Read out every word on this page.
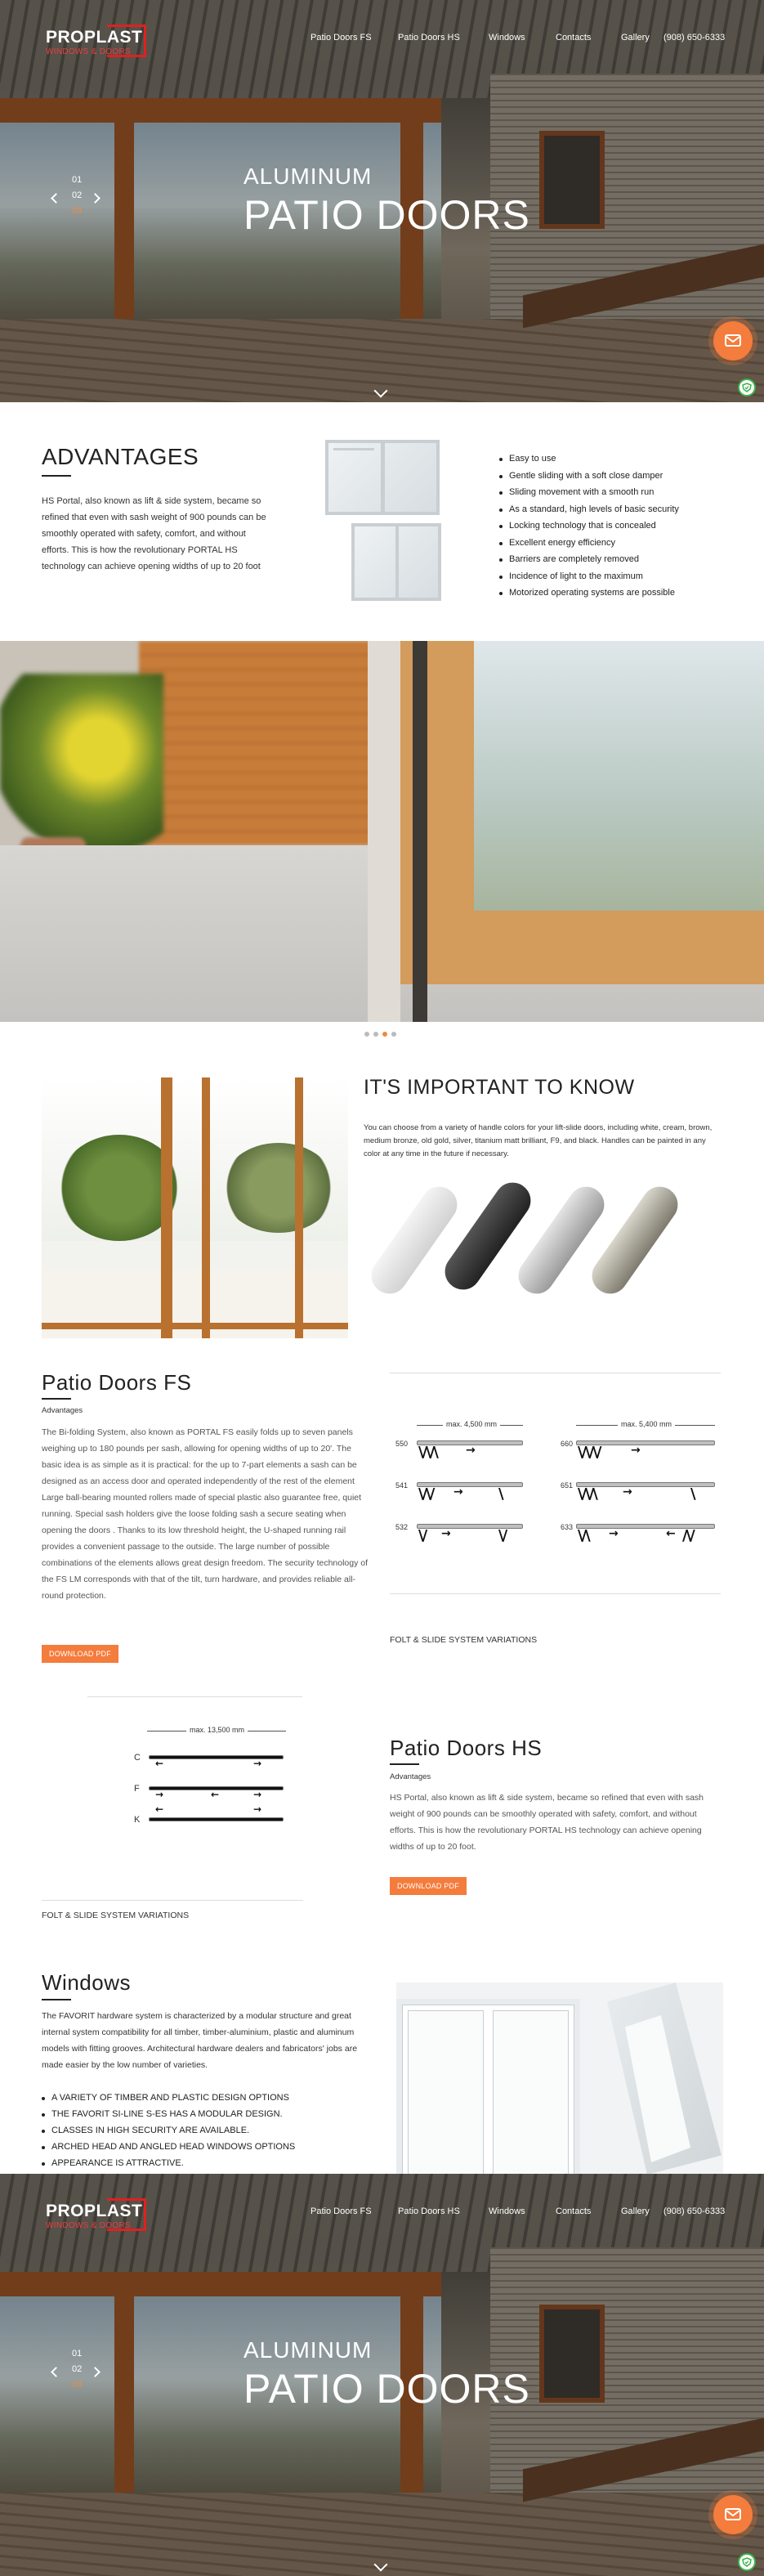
PROPLAST
WINDOWS & DOORS
Patio Doors FS	Patio Doors HS	Windows	Contacts	Gallery (908) 650-6333
01
02
03
ALUMINUM
PATIO DOORS
ADVANTAGES

HS Portal, also known as lift & side system, became so refined that even with sash weight of 900 pounds can be smoothly operated with safety, comfort, and without efforts. This is how the revolutionary PORTAL HS technology can achieve opening widths of up to 20 foot

Easy to use
Gentle sliding with a soft close damper
Sliding movement with a smooth run
As a standard, high levels of basic security
Locking technology that is concealed
Excellent energy efficiency
Barriers are completely removed
Incidence of light to the maximum
Motorized operating systems are possible
IT'S IMPORTANT TO KNOW

You can choose from a variety of handle colors for your lift-slide doors, including white, cream, brown, medium bronze, old gold, silver, titanium matt brilliant, F9, and black. Handles can be painted in any color at any time in the future if necessary.

Patio Doors FS
Advantages

The Bi-folding System, also known as PORTAL FS easily folds up to seven panels weighing up to 180 pounds per sash, allowing for opening widths of up to 20'. The basic idea is as simple as it is practical: for the up to 7-part elements a sash can be designed as an access door and operated independently of the rest of the element Large ball-bearing mounted rollers made of special plastic also guarantee free, quiet running. Special sash holders give the loose folding sash a secure seating when opening the doors . Thanks to its low threshold height, the U-shaped running rail provides a convenient passage to the outside. The large number of possible combinations of the elements allows great design freedom. The security technology of the FS LM corresponds with that of the tilt, turn hardware, and provides reliable all-round protection.

DOWNLOAD PDF
max. 4,500 mm	max. 5,400 mm
550 \/\/\	→
541 \/\/ →	\
532 \/ →	\/
660 \/\/\/	→
651 \/\/\ →	\
633 \/\ →	← /\/
FOLT & SLIDE SYSTEM VARIATIONS
max. 13,500 mm
C ←	→
F →	←	→
K
←	→
FOLT & SLIDE SYSTEM VARIATIONS
Patio Doors HS
Advantages

HS Portal, also known as lift & side system, became so refined that even with sash weight of 900 pounds can be smoothly operated with safety, comfort, and without efforts. This is how the revolutionary PORTAL HS technology can achieve opening widths of up to 20 foot.

DOWNLOAD PDF
Windows

The FAVORIT hardware system is characterized by a modular structure and great internal system compatibility for all timber, timber-aluminium, plastic and aluminum models with fitting grooves. Architectural hardware dealers and fabricators' jobs are made easier by the low number of varieties.

A VARIETY OF TIMBER AND PLASTIC DESIGN OPTIONS
THE FAVORIT SI-LINE S-ES HAS A MODULAR DESIGN.
CLASSES IN HIGH SECURITY ARE AVAILABLE.
ARCHED HEAD AND ANGLED HEAD WINDOWS OPTIONS
APPEARANCE IS ATTRACTIVE.
PROPLAST
WINDOWS & DOORS
Patio Doors FS	Patio Doors HS	Windows	Contacts	Gallery (908) 650-6333
01
02
03
ALUMINUM
PATIO DOORS
